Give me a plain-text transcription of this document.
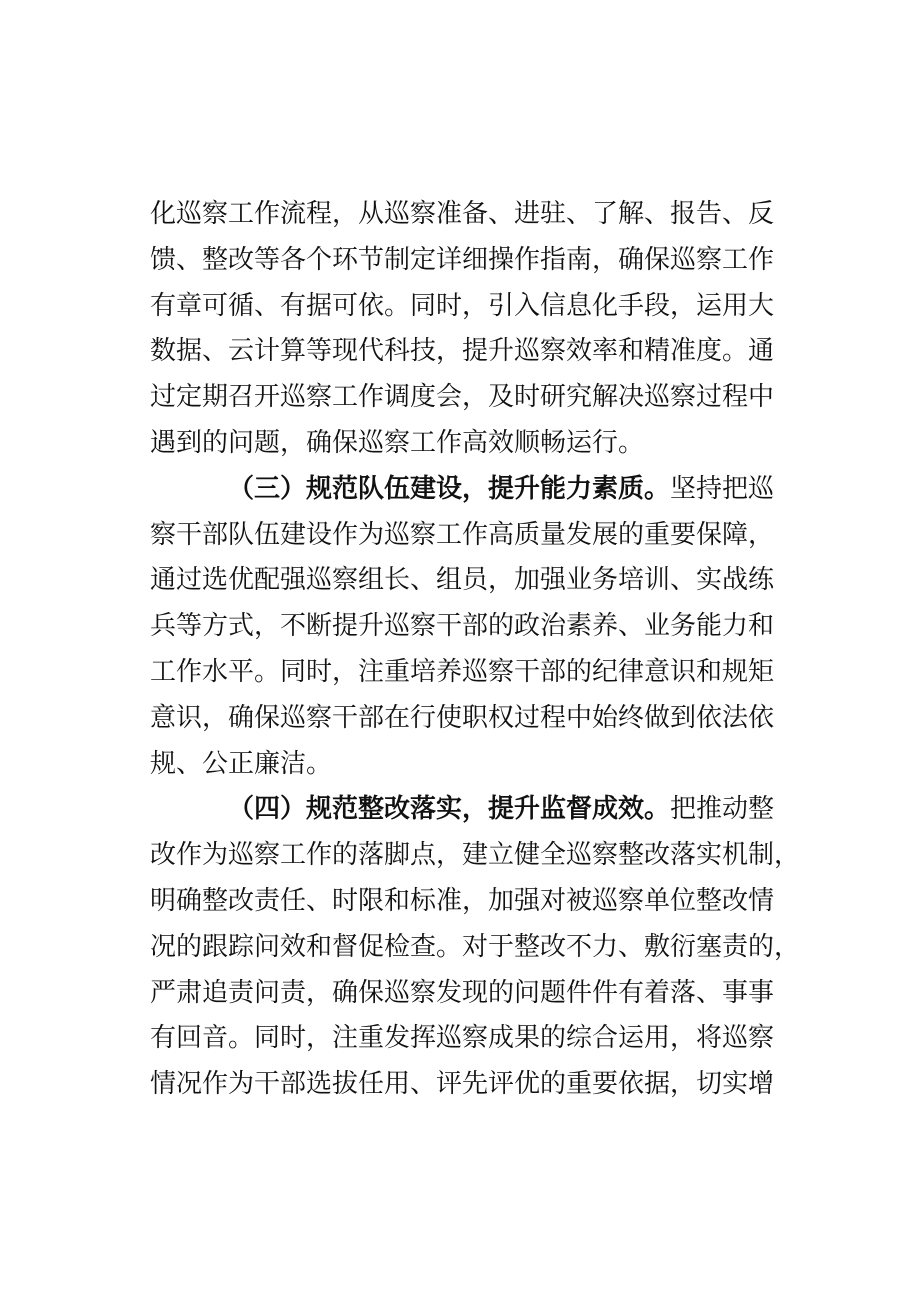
化巡察工作流程，从巡察准备、进驻、了解、报告、反
馈、整改等各个环节制定详细操作指南，确保巡察工作
有章可循、有据可依。同时，引入信息化手段，运用大
数据、云计算等现代科技，提升巡察效率和精准度。通
过定期召开巡察工作调度会，及时研究解决巡察过程中
遇到的问题，确保巡察工作高效顺畅运行。
（三）规范队伍建设，提升能力素质。坚持把巡
察干部队伍建设作为巡察工作高质量发展的重要保障，
通过选优配强巡察组长、组员，加强业务培训、实战练
兵等方式，不断提升巡察干部的政治素养、业务能力和
工作水平。同时，注重培养巡察干部的纪律意识和规矩
意识，确保巡察干部在行使职权过程中始终做到依法依
规、公正廉洁。
（四）规范整改落实，提升监督成效。把推动整
改作为巡察工作的落脚点，建立健全巡察整改落实机制，
明确整改责任、时限和标准，加强对被巡察单位整改情
况的跟踪问效和督促检查。对于整改不力、敷衍塞责的，
严肃追责问责，确保巡察发现的问题件件有着落、事事
有回音。同时，注重发挥巡察成果的综合运用，将巡察
情况作为干部选拔任用、评先评优的重要依据，切实增
